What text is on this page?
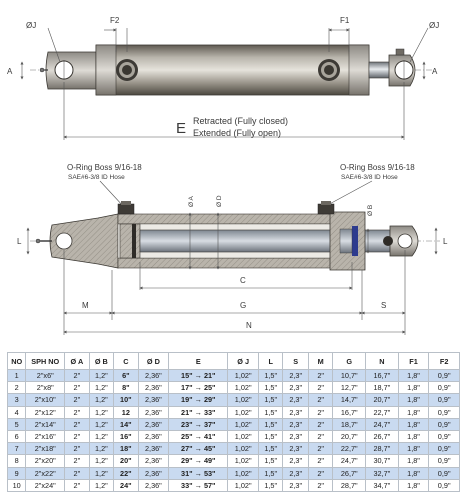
A	A
ØJ	ØJ
F2	F1
E Retracted (Fully closed)
Extended (Fully open)
O-Ring Boss 9/16-18
SAE#6-3/8 ID Hose
O-Ring Boss 9/16-18
SAE#6-3/8 ID Hose
Ø A	Ø D
Ø B
L	L
C
M	G	S
N
NO	SPH NO	Ø A	Ø B	C	Ø D	E	Ø J	L	S	M	G	N	F1	F2
1	2"x6"	2"	1,2"	6"	2,36"	15" → 21"	1,02"	1,5"	2,3"	2"	10,7"	16,7"	1,8"	0,9"
2	2"x8"	2"	1,2"	8"	2,36"	17" → 25"	1,02"	1,5"	2,3"	2"	12,7"	18,7"	1,8"	0,9"
3	2"x10"	2"	1,2"	10"	2,36"	19" → 29"	1,02"	1,5"	2,3"	2"	14,7"	20,7"	1,8"	0,9"
4	2"x12"	2"	1,2"	12	2,36"	21" → 33"	1,02"	1,5"	2,3"	2"	16,7"	22,7"	1,8"	0,9"
5	2"x14"	2"	1,2"	14"	2,36"	23" → 37"	1,02"	1,5"	2,3"	2"	18,7"	24,7"	1,8"	0,9"
6	2"x16"	2"	1,2"	16"	2,36"	25" → 41"	1,02"	1,5"	2,3"	2"	20,7"	26,7"	1,8"	0,9"
7	2"x18"	2"	1,2"	18"	2,36"	27" → 45"	1,02"	1,5"	2,3"	2"	22,7"	28,7"	1,8"	0,9"
8	2"x20"	2"	1,2"	20"	2,36"	29" → 49"	1,02"	1,5"	2,3"	2"	24,7"	30,7"	1,8"	0,9"
9	2"x22"	2"	1,2"	22"	2,36"	31" → 53"	1,02"	1,5"	2,3"	2"	26,7"	32,7"	1,8"	0,9"
10	2"x24"	2"	1,2"	24"	2,36"	33" → 57"	1,02"	1,5"	2,3"	2"	28,7"	34,7"	1,8"	0,9"
